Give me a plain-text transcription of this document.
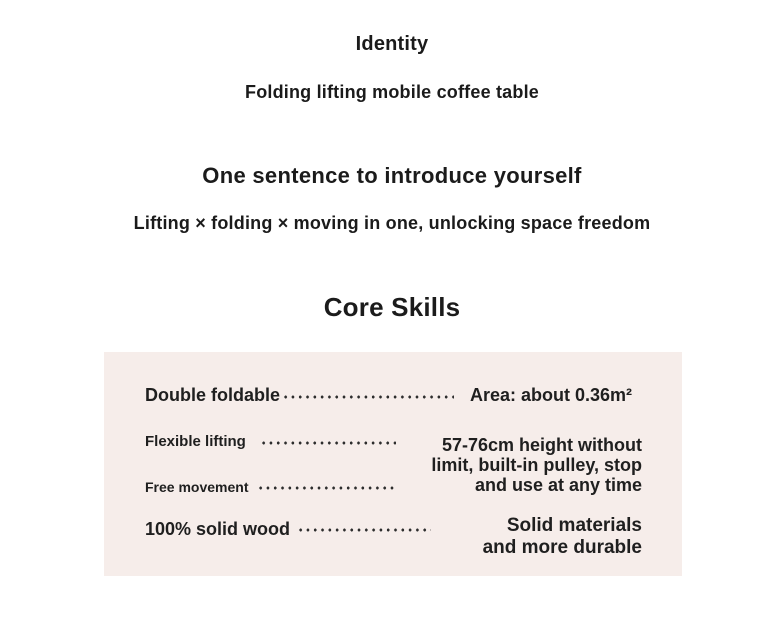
Identity
Folding lifting mobile coffee table
One sentence to introduce yourself
Lifting × folding × moving in one, unlocking space freedom
Core Skills

Double foldable	Area: about 0.36m²

Flexible lifting	57-76cm height without limit, built-in pulley, stop and use at any time

Free movement

100% solid wood	Solid materials and more durable
